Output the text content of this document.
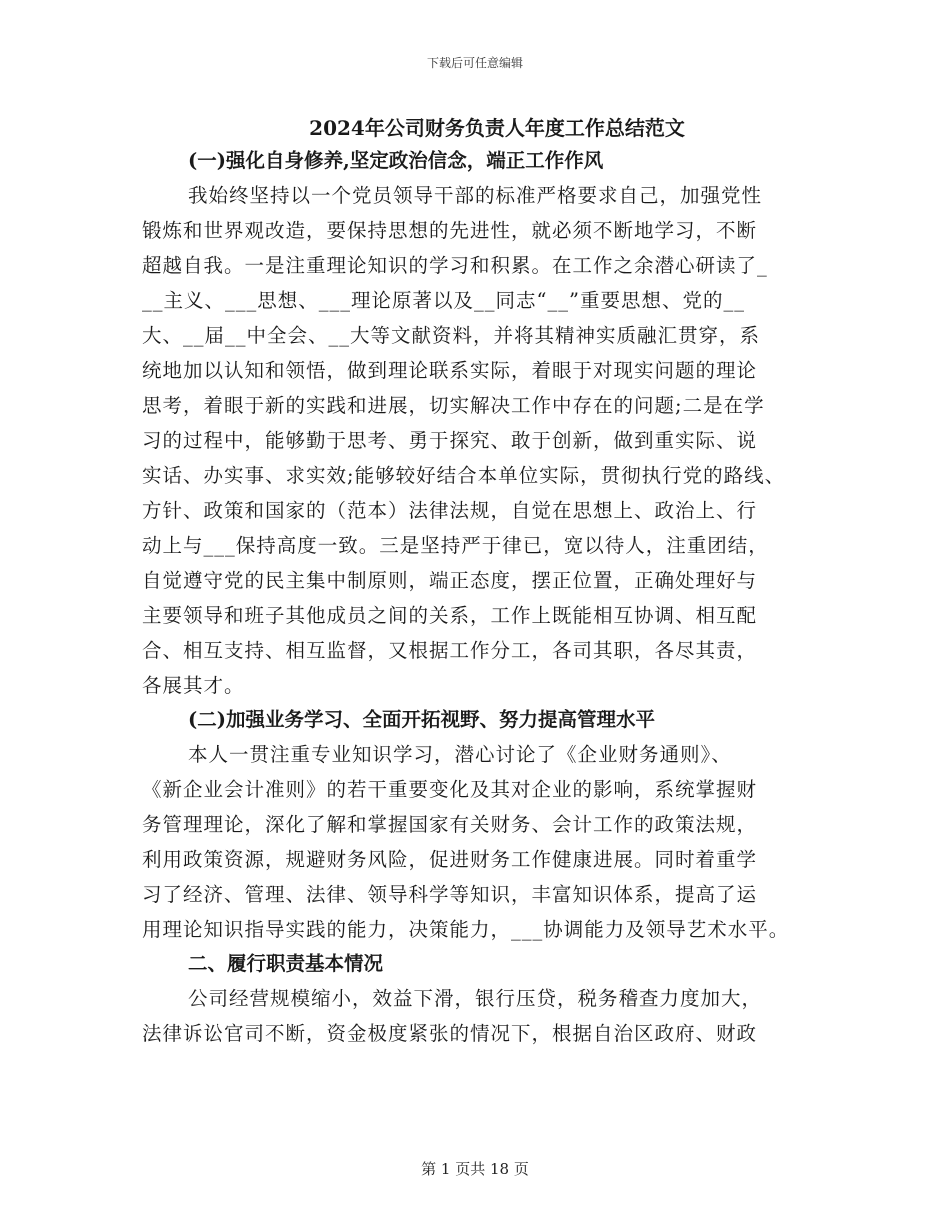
下载后可任意编辑

2024年公司财务负责人年度工作总结范文

(一)强化自身修养,坚定政治信念，端正工作作风

我始终坚持以一个党员领导干部的标准严格要求自己，加强党性

锻炼和世界观改造，要保持思想的先进性，就必须不断地学习，不断

超越自我。一是注重理论知识的学习和积累。在工作之余潜心研读了_

__主义、___思想、___理论原著以及__同志“__”重要思想、党的__

大、__届__中全会、__大等文献资料，并将其精神实质融汇贯穿，系

统地加以认知和领悟，做到理论联系实际，着眼于对现实问题的理论

思考，着眼于新的实践和进展，切实解决工作中存在的问题;二是在学

习的过程中，能够勤于思考、勇于探究、敢于创新，做到重实际、说

实话、办实事、求实效;能够较好结合本单位实际，贯彻执行党的路线、

方针、政策和国家的（范本）法律法规，自觉在思想上、政治上、行

动上与___保持高度一致。三是坚持严于律已，宽以待人，注重团结，

自觉遵守党的民主集中制原则，端正态度，摆正位置，正确处理好与

主要领导和班子其他成员之间的关系，工作上既能相互协调、相互配

合、相互支持、相互监督，又根据工作分工，各司其职，各尽其责，

各展其才。

(二)加强业务学习、全面开拓视野、努力提高管理水平

本人一贯注重专业知识学习，潜心讨论了《企业财务通则》、

《新企业会计准则》的若干重要变化及其对企业的影响，系统掌握财

务管理理论，深化了解和掌握国家有关财务、会计工作的政策法规，

利用政策资源，规避财务风险，促进财务工作健康进展。同时着重学

习了经济、管理、法律、领导科学等知识，丰富知识体系，提高了运

用理论知识指导实践的能力，决策能力，___协调能力及领导艺术水平。

二、履行职责基本情况

公司经营规模缩小，效益下滑，银行压贷，税务稽查力度加大，

法律诉讼官司不断，资金极度紧张的情况下，根据自治区政府、财政

第 1 页共 18 页
